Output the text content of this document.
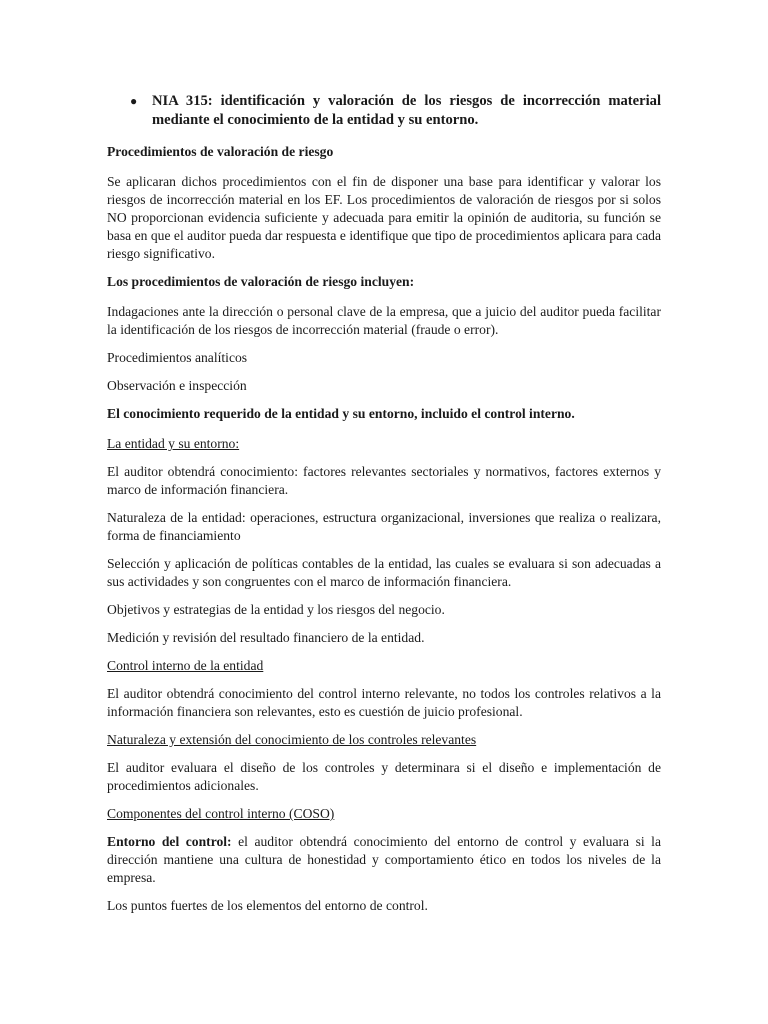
● NIA 315: identificación y valoración de los riesgos de incorrección material mediante el conocimiento de la entidad y su entorno.

Procedimientos de valoración de riesgo

Se aplicaran dichos procedimientos con el fin de disponer una base para identificar y valorar los riesgos de incorrección material en los EF. Los procedimientos de valoración de riesgos por si solos NO proporcionan evidencia suficiente y adecuada para emitir la opinión de auditoria, su función se basa en que el auditor pueda dar respuesta e identifique que tipo de procedimientos aplicara para cada riesgo significativo.

Los procedimientos de valoración de riesgo incluyen:

Indagaciones ante la dirección o personal clave de la empresa, que a juicio del auditor pueda facilitar la identificación de los riesgos de incorrección material (fraude o error).

Procedimientos analíticos

Observación e inspección

El conocimiento requerido de la entidad y su entorno, incluido el control interno.

La entidad y su entorno:

El auditor obtendrá conocimiento: factores relevantes sectoriales y normativos, factores externos y marco de información financiera.

Naturaleza de la entidad: operaciones, estructura organizacional, inversiones que realiza o realizara, forma de financiamiento

Selección y aplicación de políticas contables de la entidad, las cuales se evaluara si son adecuadas a sus actividades y son congruentes con el marco de información financiera.

Objetivos y estrategias de la entidad y los riesgos del negocio.

Medición y revisión del resultado financiero de la entidad.

Control interno de la entidad

El auditor obtendrá conocimiento del control interno relevante, no todos los controles relativos a la información financiera son relevantes, esto es cuestión de juicio profesional.

Naturaleza y extensión del conocimiento de los controles relevantes

El auditor evaluara el diseño de los controles y determinara si el diseño e implementación de procedimientos adicionales.

Componentes del control interno (COSO)

Entorno del control: el auditor obtendrá conocimiento del entorno de control y evaluara si la dirección mantiene una cultura de honestidad y comportamiento ético en todos los niveles de la empresa.

Los puntos fuertes de los elementos del entorno de control.
